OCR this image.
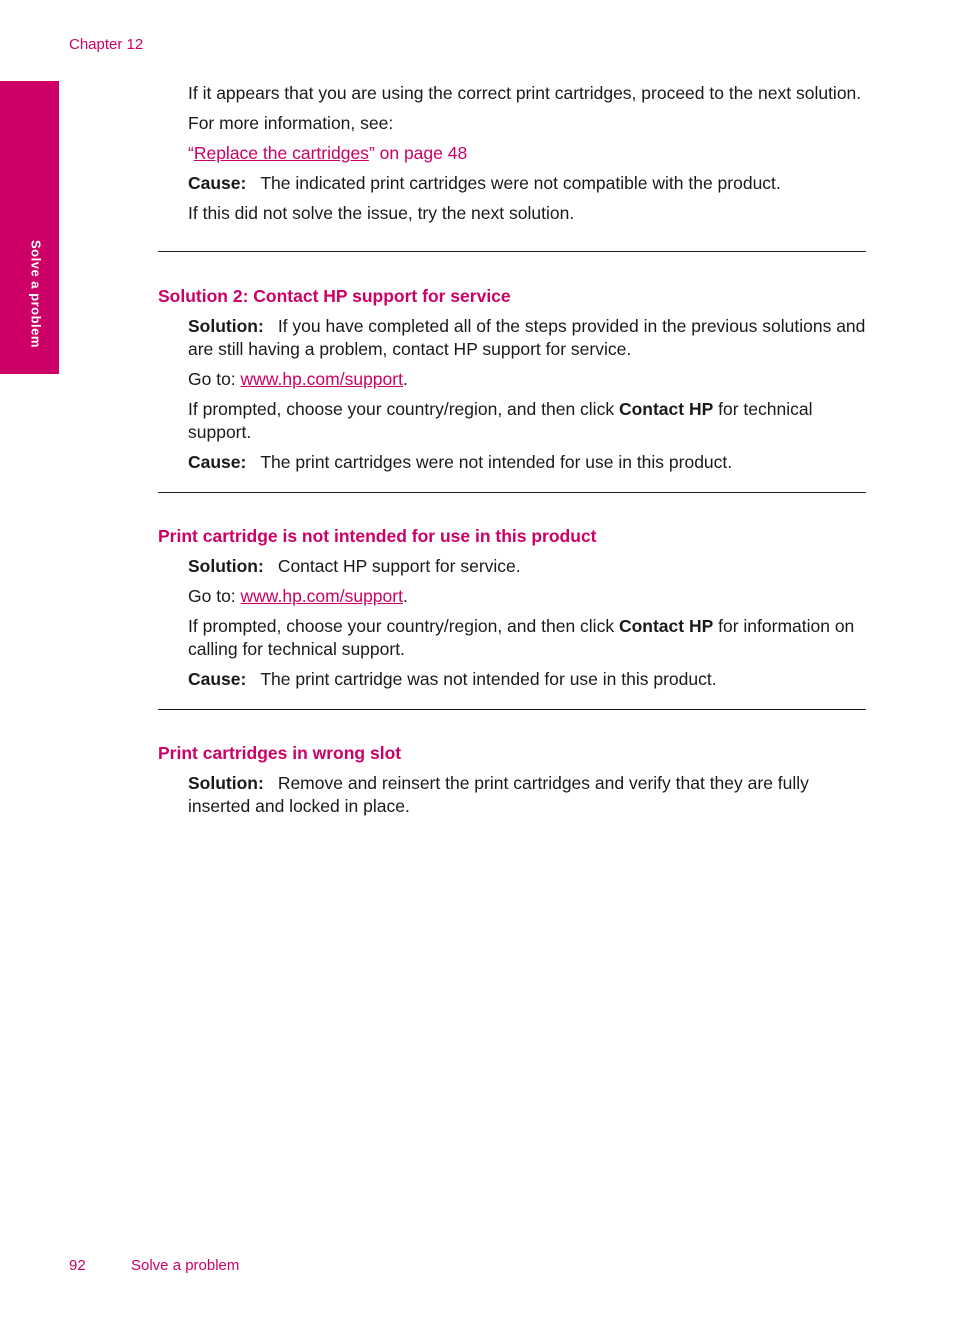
Chapter 12
Solve a problem

If it appears that you are using the correct print cartridges, proceed to the next solution.

For more information, see:

“Replace the cartridges” on page 48

Cause: The indicated print cartridges were not compatible with the product.

If this did not solve the issue, try the next solution.

Solution 2: Contact HP support for service

Solution: If you have completed all of the steps provided in the previous solutions and are still having a problem, contact HP support for service.

Go to: www.hp.com/support.

If prompted, choose your country/region, and then click Contact HP for technical support.

Cause: The print cartridges were not intended for use in this product.

Print cartridge is not intended for use in this product

Solution: Contact HP support for service.

Go to: www.hp.com/support.

If prompted, choose your country/region, and then click Contact HP for information on calling for technical support.

Cause: The print cartridge was not intended for use in this product.

Print cartridges in wrong slot

Solution: Remove and reinsert the print cartridges and verify that they are fully inserted and locked in place.

92	Solve a problem
